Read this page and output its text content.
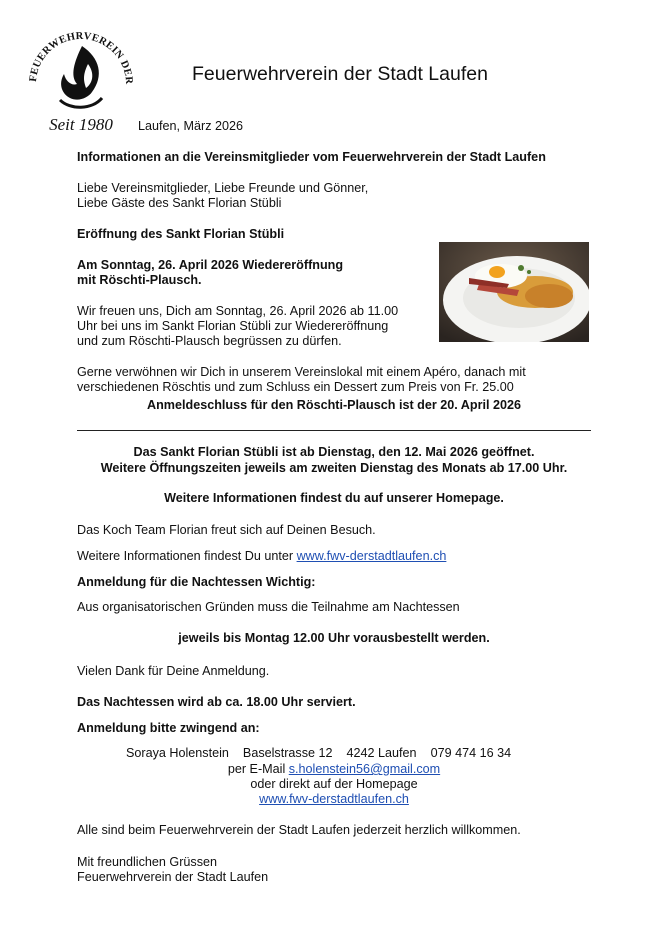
FEUERWEHRVEREIN DER
Seit 1980
Feuerwehrverein der Stadt Laufen
Laufen, März 2026
Informationen an die Vereinsmitglieder vom Feuerwehrverein der Stadt Laufen
Liebe Vereinsmitglieder, Liebe Freunde und Gönner,
Liebe Gäste des Sankt Florian Stübli
Eröffnung des Sankt Florian Stübli
Am Sonntag, 26. April 2026 Wiedereröffnung
mit Röschti-Plausch.
Wir freuen uns, Dich am Sonntag, 26. April 2026 ab 11.00
Uhr bei uns im Sankt Florian Stübli zur Wiedereröffnung
und zum Röschti-Plausch begrüssen zu dürfen.
Gerne verwöhnen wir Dich in unserem Vereinslokal mit einem Apéro, danach mit
verschiedenen Röschtis und zum Schluss ein Dessert zum Preis von Fr. 25.00
Anmeldeschluss für den Röschti-Plausch ist der 20. April 2026
Das Sankt Florian Stübli ist ab Dienstag, den 12. Mai 2026 geöffnet.
Weitere Öffnungszeiten jeweils am zweiten Dienstag des Monats ab 17.00 Uhr.
Weitere Informationen findest du auf unserer Homepage.
Das Koch Team Florian freut sich auf Deinen Besuch.
Weitere Informationen findest Du unter www.fwv-derstadtlaufen.ch
Anmeldung für die Nachtessen Wichtig:
Aus organisatorischen Gründen muss die Teilnahme am Nachtessen
jeweils bis Montag 12.00 Uhr vorausbestellt werden.
Vielen Dank für Deine Anmeldung.
Das Nachtessen wird ab ca. 18.00 Uhr serviert.
Anmeldung bitte zwingend an:
Soraya Holenstein Baselstrasse 12 4242 Laufen 079 474 16 34
per E-Mail s.holenstein56@gmail.com
oder direkt auf der Homepage
www.fwv-derstadtlaufen.ch
Alle sind beim Feuerwehrverein der Stadt Laufen jederzeit herzlich willkommen.
Mit freundlichen Grüssen
Feuerwehrverein der Stadt Laufen
